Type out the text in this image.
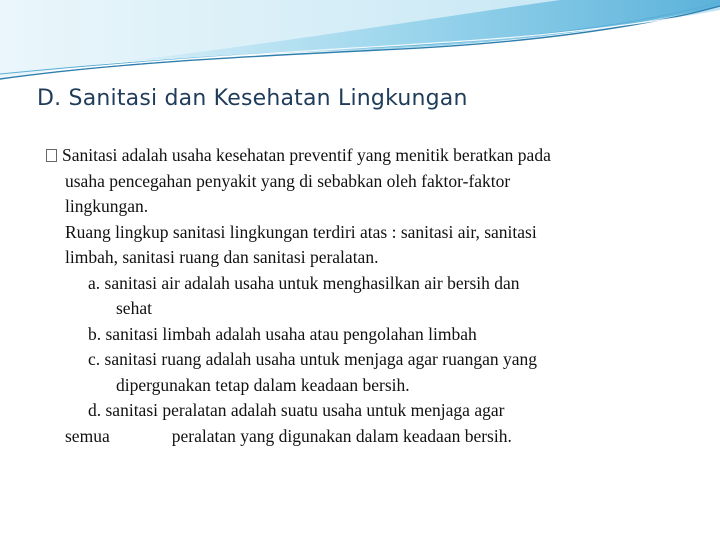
D. Sanitasi dan Kesehatan Lingkungan
Sanitasi adalah usaha kesehatan preventif yang menitik beratkan pada
usaha pencegahan penyakit yang di sebabkan oleh faktor-faktor
lingkungan.
Ruang lingkup sanitasi lingkungan terdiri atas : sanitasi air, sanitasi
limbah, sanitasi ruang dan sanitasi peralatan.
a. sanitasi air adalah usaha untuk menghasilkan air bersih dan
sehat
b. sanitasi limbah adalah usaha atau pengolahan limbah
c. sanitasi ruang adalah usaha untuk menjaga agar ruangan yang
dipergunakan tetap dalam keadaan bersih.
d. sanitasi peralatan adalah suatu usaha untuk menjaga agar
semua	peralatan yang digunakan dalam keadaan bersih.
